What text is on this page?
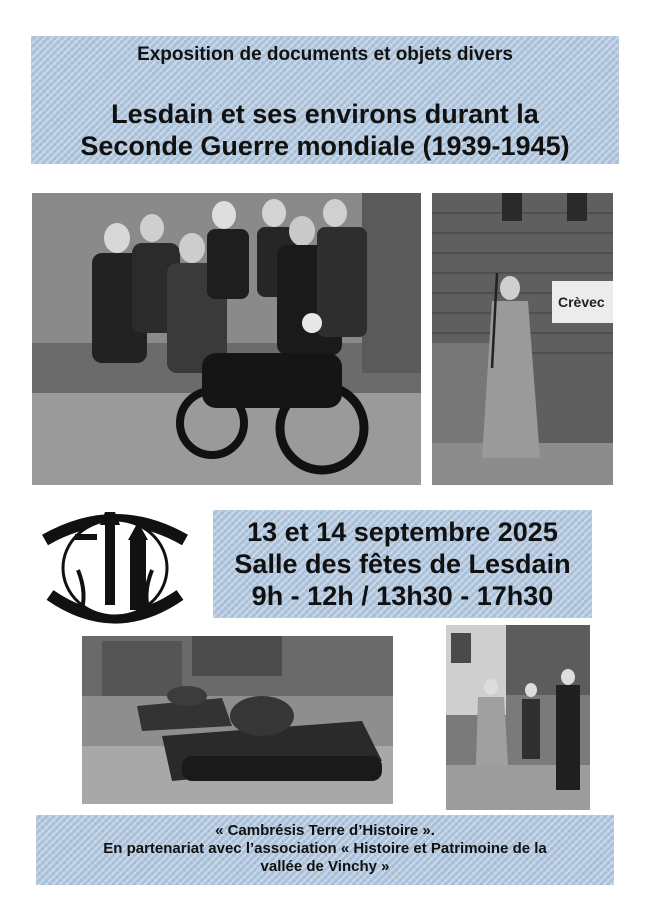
Exposition de documents et objets divers
Lesdain et ses environs durant la
Seconde Guerre mondiale (1939-1945)
Crèvec
13 et 14 septembre 2025
Salle des fêtes de Lesdain
9h - 12h / 13h30 - 17h30
« Cambrésis Terre d’Histoire ».
En partenariat avec l’association « Histoire et Patrimoine de la
vallée de Vinchy »
